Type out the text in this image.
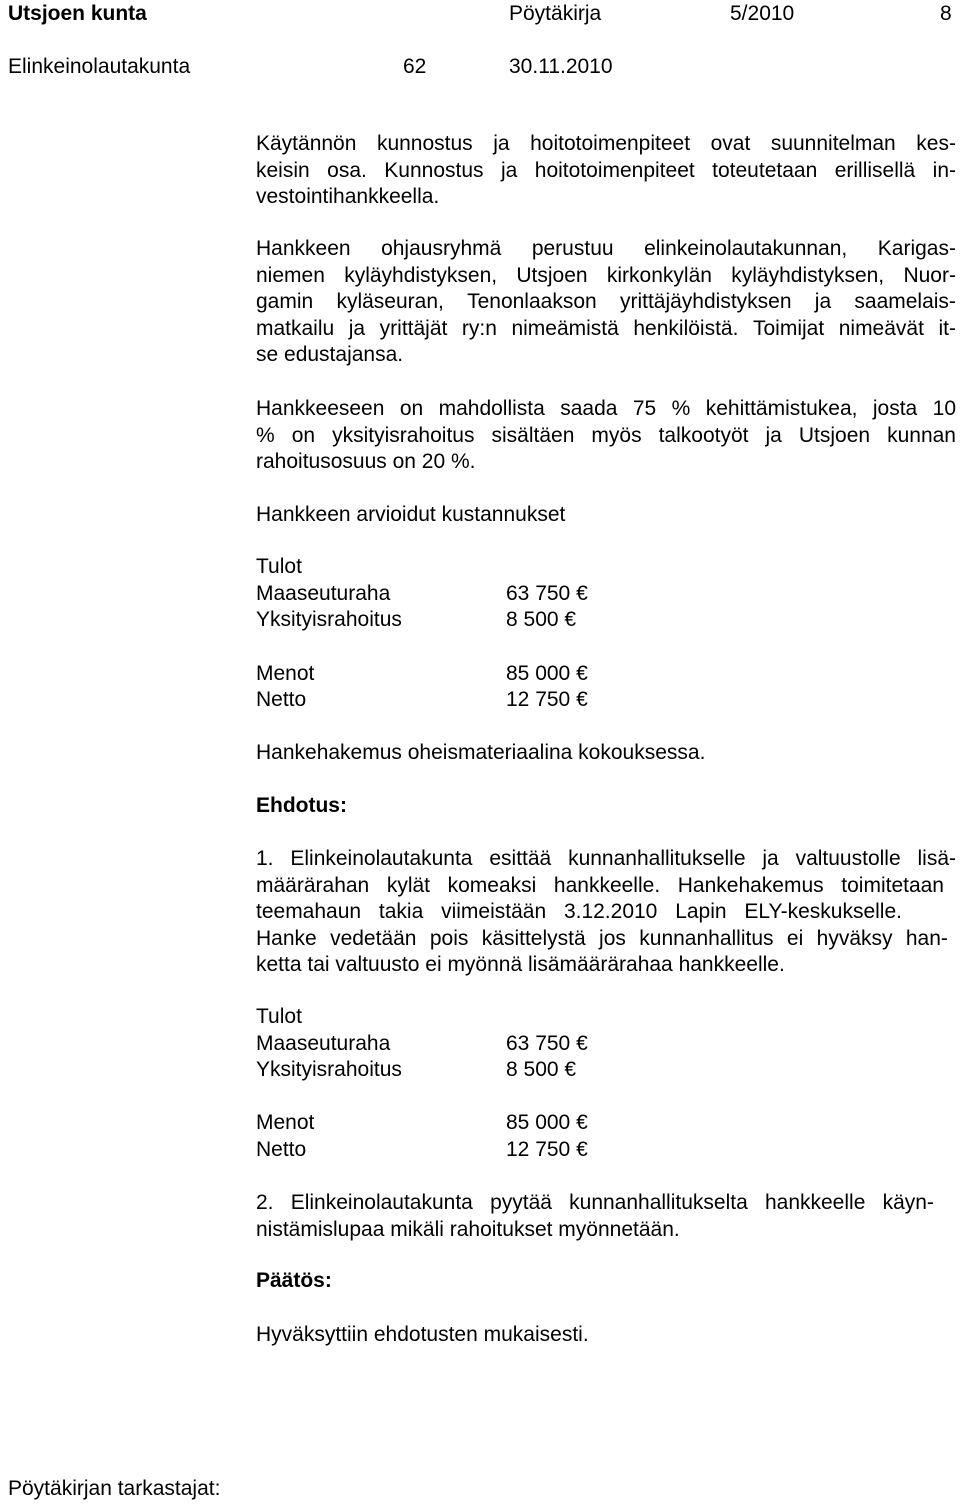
Utsjoen kunta	Pöytäkirja	5/2010	8
Elinkeinolautakunta	62	30.11.2010
Käytännön kunnostus ja hoitotoimenpiteet ovat suunnitelman kes-
keisin osa. Kunnostus ja hoitotoimenpiteet toteutetaan erillisellä in-
vestointihankkeella.
Hankkeen ohjausryhmä perustuu elinkeinolautakunnan, Karigas-
niemen kyläyhdistyksen, Utsjoen kirkonkylän kyläyhdistyksen, Nuor-
gamin kyläseuran, Tenonlaakson yrittäjäyhdistyksen ja saamelais-
matkailu ja yrittäjät ry:n nimeämistä henkilöistä. Toimijat nimeävät it-
se edustajansa.
Hankkeeseen on mahdollista saada 75 % kehittämistukea, josta 10
% on yksityisrahoitus sisältäen myös talkootyöt ja Utsjoen kunnan
rahoitusosuus on 20 %.
Hankkeen arvioidut kustannukset
Tulot
Maaseuturaha	63 750 €
Yksityisrahoitus	8 500 €
Menot	85 000 €
Netto	12 750 €
Hankehakemus oheismateriaalina kokouksessa.
Ehdotus:
1. Elinkeinolautakunta esittää kunnanhallitukselle ja valtuustolle lisä-
määrärahan kylät komeaksi hankkeelle. Hankehakemus toimitetaan
teemahaun takia viimeistään 3.12.2010 Lapin ELY-keskukselle.
Hanke vedetään pois käsittelystä jos kunnanhallitus ei hyväksy han-
ketta tai valtuusto ei myönnä lisämäärärahaa hankkeelle.
Tulot
Maaseuturaha	63 750 €
Yksityisrahoitus	8 500 €
Menot	85 000 €
Netto	12 750 €
2. Elinkeinolautakunta pyytää kunnanhallitukselta hankkeelle käyn-
nistämislupaa mikäli rahoitukset myönnetään.
Päätös:
Hyväksyttiin ehdotusten mukaisesti.
Pöytäkirjan tarkastajat:
